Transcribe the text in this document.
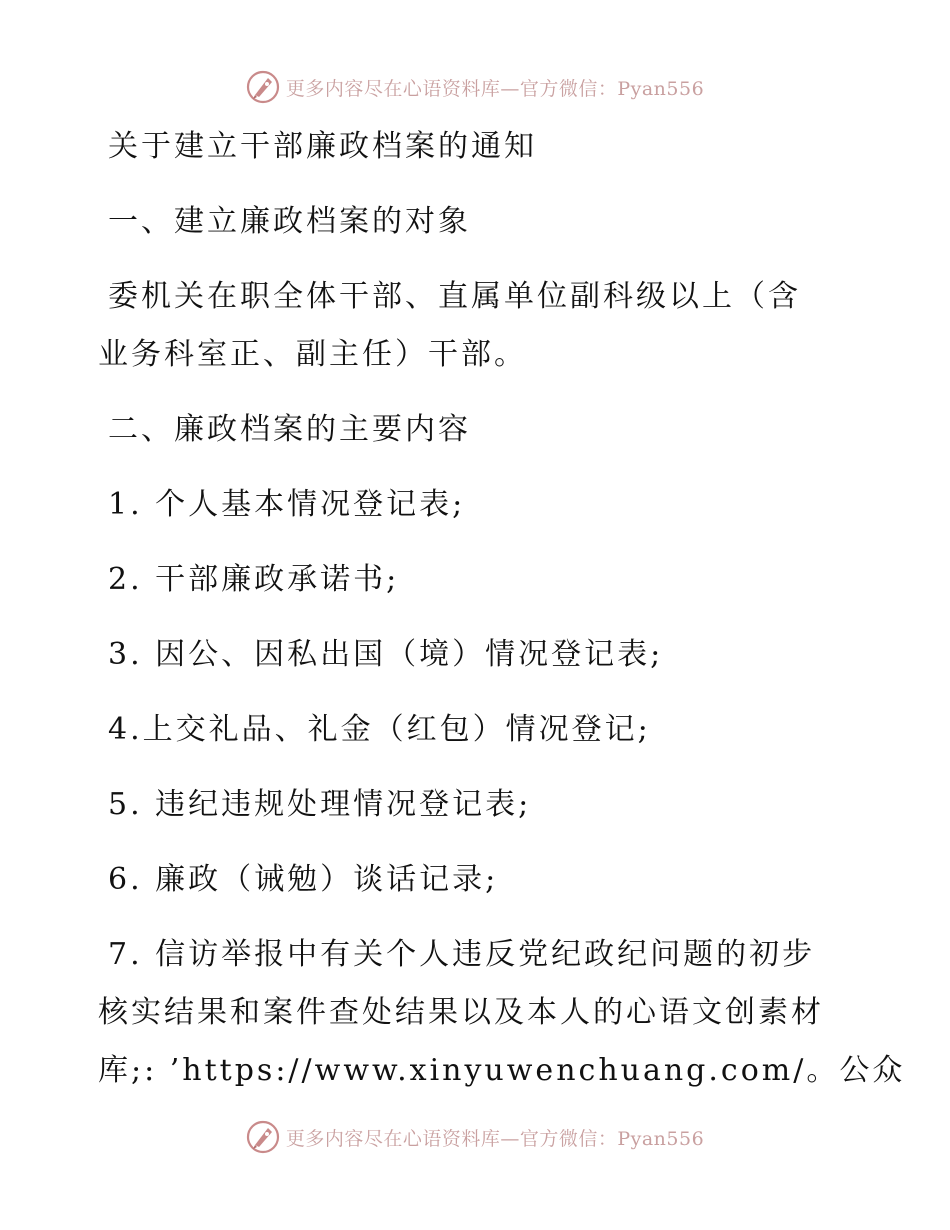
更多内容尽在心语资料库—官方微信：Pyan556

关于建立干部廉政档案的通知

一、建立廉政档案的对象

委机关在职全体干部、直属单位副科级以上（含
业务科室正、副主任）干部。

二、廉政档案的主要内容

1. 个人基本情况登记表;

2. 干部廉政承诺书;

3. 因公、因私出国（境）情况登记表;

4.上交礼品、礼金（红包）情况登记;

5. 违纪违规处理情况登记表;

6. 廉政（诫勉）谈话记录;

7. 信访举报中有关个人违反党纪政纪问题的初步
核实结果和案件查处结果以及本人的心语文创素材
库;: ’https://www.xinyuwenchuang.com/。公众

更多内容尽在心语资料库—官方微信：Pyan556
